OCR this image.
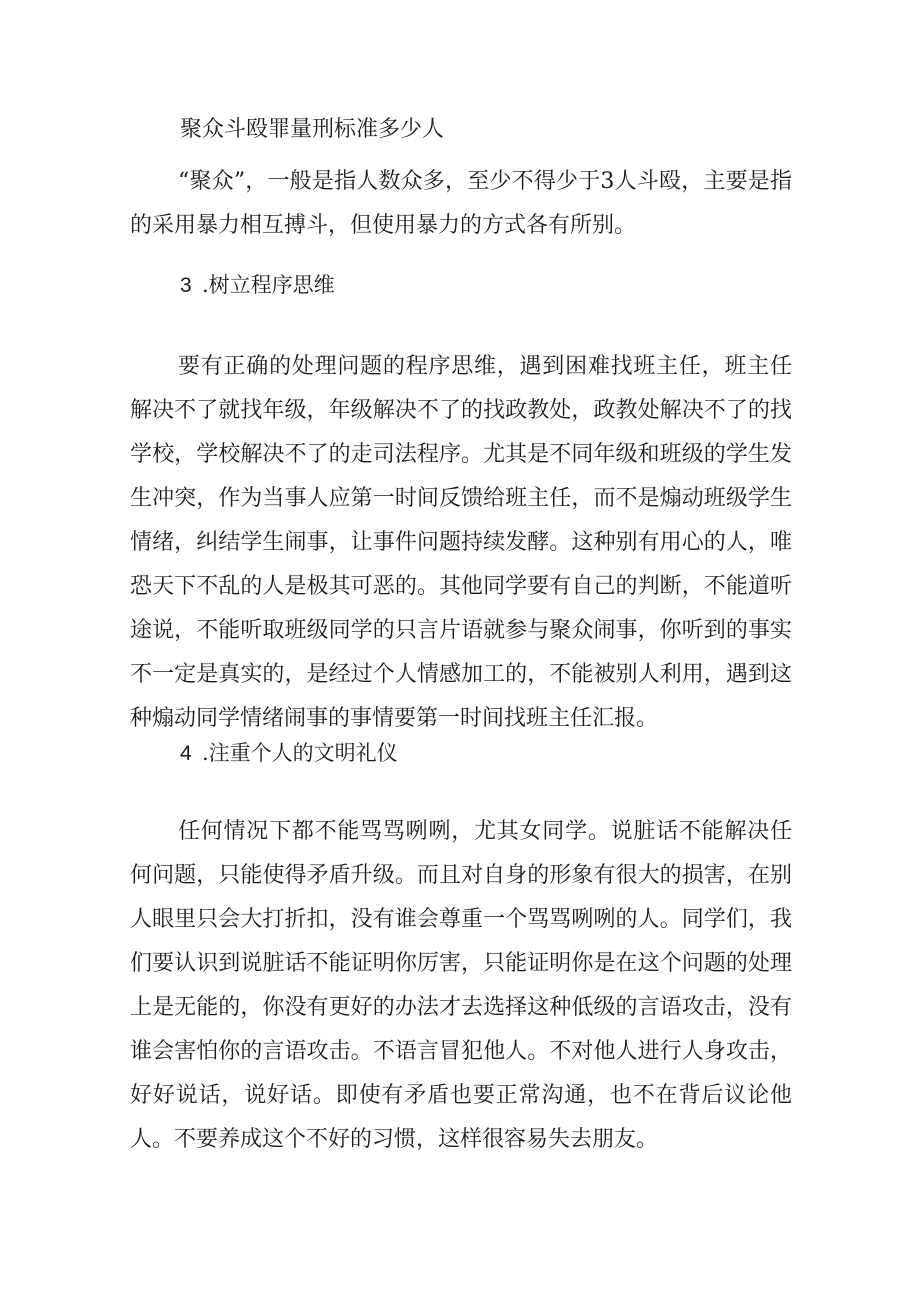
聚众斗殴罪量刑标准多少人
“聚众”，一般是指人数众多，至少不得少于3人斗殴，主要是指的采用暴力相互搏斗，但使用暴力的方式各有所别。
3 .树立程序思维
要有正确的处理问题的程序思维，遇到困难找班主任，班主任解决不了就找年级，年级解决不了的找政教处，政教处解决不了的找学校，学校解决不了的走司法程序。尤其是不同年级和班级的学生发生冲突，作为当事人应第一时间反馈给班主任，而不是煽动班级学生情绪，纠结学生闹事，让事件问题持续发酵。这种别有用心的人，唯恐天下不乱的人是极其可恶的。其他同学要有自己的判断，不能道听途说，不能听取班级同学的只言片语就参与聚众闹事，你听到的事实不一定是真实的，是经过个人情感加工的，不能被别人利用，遇到这种煽动同学情绪闹事的事情要第一时间找班主任汇报。
4 .注重个人的文明礼仪
任何情况下都不能骂骂咧咧，尤其女同学。说脏话不能解决任何问题，只能使得矛盾升级。而且对自身的形象有很大的损害，在别人眼里只会大打折扣，没有谁会尊重一个骂骂咧咧的人。同学们，我们要认识到说脏话不能证明你厉害，只能证明你是在这个问题的处理上是无能的，你没有更好的办法才去选择这种低级的言语攻击，没有谁会害怕你的言语攻击。不语言冒犯他人。不对他人进行人身攻击，好好说话，说好话。即使有矛盾也要正常沟通，也不在背后议论他人。不要养成这个不好的习惯，这样很容易失去朋友。
